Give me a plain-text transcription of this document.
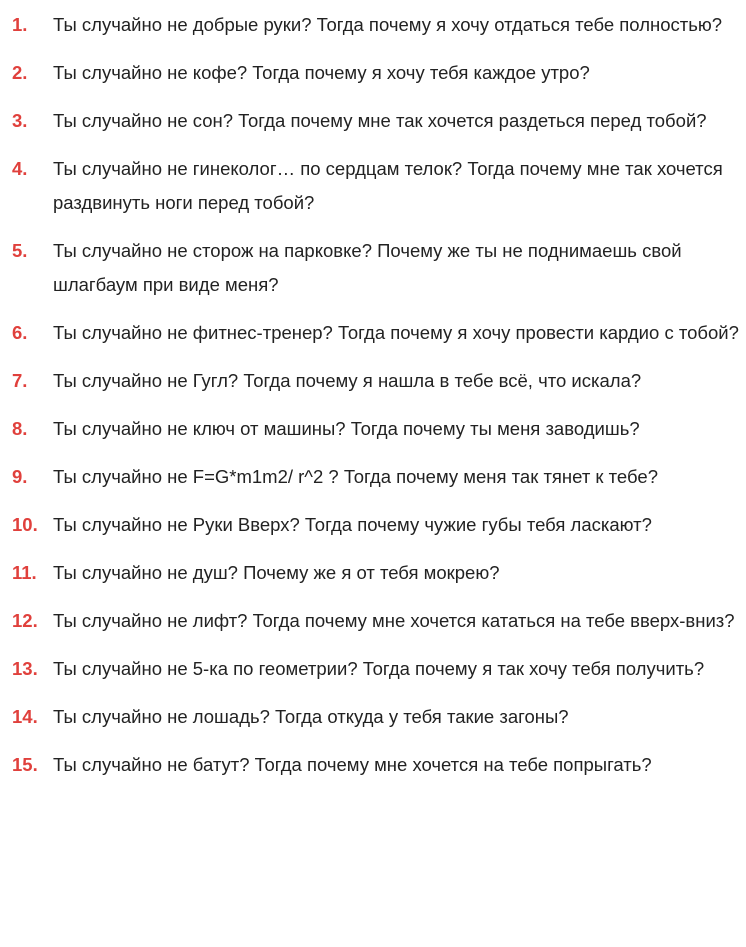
1. Ты случайно не добрые руки? Тогда почему я хочу отдаться тебе полностью?
2. Ты случайно не кофе? Тогда почему я хочу тебя каждое утро?
3. Ты случайно не сон? Тогда почему мне так хочется раздеться перед тобой?
4. Ты случайно не гинеколог… по сердцам телок? Тогда почему мне так хочется раздвинуть ноги перед тобой?
5. Ты случайно не сторож на парковке? Почему же ты не поднимаешь свой шлагбаум при виде меня?
6. Ты случайно не фитнес-тренер? Тогда почему я хочу провести кардио с тобой?
7. Ты случайно не Гугл? Тогда почему я нашла в тебе всё, что искала?
8. Ты случайно не ключ от машины? Тогда почему ты меня заводишь?
9. Ты случайно не F=G*m1m2/ r^2 ? Тогда почему меня так тянет к тебе?
10. Ты случайно не Руки Вверх? Тогда почему чужие губы тебя ласкают?
11. Ты случайно не душ? Почему же я от тебя мокрею?
12. Ты случайно не лифт? Тогда почему мне хочется кататься на тебе вверх-вниз?
13. Ты случайно не 5-ка по геометрии? Тогда почему я так хочу тебя получить?
14. Ты случайно не лошадь? Тогда откуда у тебя такие загоны?
15. Ты случайно не батут? Тогда почему мне хочется на тебе попрыгать?
